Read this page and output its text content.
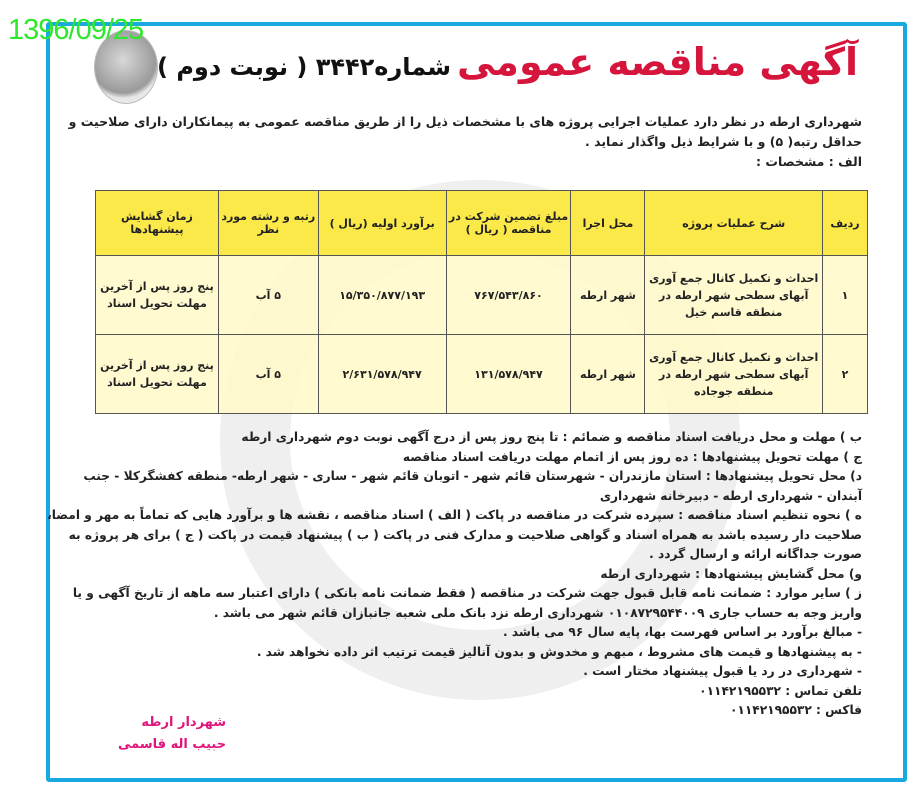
1396/09/25
آگهی مناقصه عمومی
شماره۳۴۴۲ ( نوبت دوم )
شهرداری ارطه در نظر دارد عملیات اجرایی پروژه های با مشخصات ذیل را از طریق مناقصه عمومی به پیمانکاران دارای صلاحیت و
حداقل رتبه( ۵) و با شرایط ذیل واگذار نماید .
الف : مشخصات :
ردیف	شرح عملیات پروژه	محل اجرا	مبلغ تضمین شرکت در مناقصه ( ریال )	برآورد اولیه (ریال )	رتبه و رشته مورد نظر	زمان گشایش پیشنهادها
۱	احداث و تکمیل کانال جمع آوری آبهای سطحی شهر ارطه در منطقه قاسم خیل	شهر ارطه	۷۶۷/۵۴۳/۸۶۰	۱۵/۳۵۰/۸۷۷/۱۹۳	۵ آب	پنج روز پس از آخرین مهلت تحویل اسناد
۲	احداث و تکمیل کانال جمع آوری آبهای سطحی شهر ارطه در منطقه جوجاده	شهر ارطه	۱۳۱/۵۷۸/۹۴۷	۲/۶۳۱/۵۷۸/۹۴۷	۵ آب	پنج روز پس از آخرین مهلت تحویل اسناد

ب ) مهلت و محل دریافت اسناد مناقصه و ضمائم : تا پنج روز پس از درج آگهی نوبت دوم شهرداری ارطه

ج ) مهلت تحویل پیشنهادها : ده روز پس از اتمام مهلت دریافت اسناد مناقصه

د) محل تحویل پیشنهادها : استان مازندران - شهرستان قائم شهر - اتوبان قائم شهر - ساری - شهر ارطه- منطقه کفشگرکلا - جنب آبندان - شهرداری ارطه - دبیرخانه شهرداری

ه ) نحوه تنظیم اسناد مناقصه : سپرده شرکت در مناقصه در پاکت ( الف ) اسناد مناقصه ، نقشه ها و برآورد هایی که تماماً به مهر و امضا، صلاحیت دار رسیده باشد به همراه اسناد و گواهی صلاحیت و مدارک فنی در پاکت ( ب ) پیشنهاد قیمت در پاکت ( ج ) برای هر پروژه به صورت جداگانه ارائه و ارسال گردد .

و) محل گشایش پیشنهادها : شهرداری ارطه

ز ) سایر موارد : ضمانت نامه قابل قبول جهت شرکت در مناقصه ( فقط ضمانت نامه بانکی ) دارای اعتبار سه ماهه از تاریخ آگهی و یا واریز وجه به حساب جاری ۰۱۰۸۷۲۹۵۴۴۰۰۹ شهرداری ارطه نزد بانک ملی شعبه جانبازان قائم شهر می باشد .

- مبالغ برآورد بر اساس فهرست بها، پایه سال ۹۶ می باشد .

- به پیشنهادها و قیمت های مشروط ، مبهم و مخدوش و بدون آنالیز قیمت ترتیب اثر داده نخواهد شد .

- شهرداری در رد یا قبول پیشنهاد مختار است .

تلفن تماس : ۰۱۱۴۲۱۹۵۵۳۲

فاکس : ۰۱۱۴۲۱۹۵۵۳۲

شهردار ارطه
حبیب اله قاسمی
